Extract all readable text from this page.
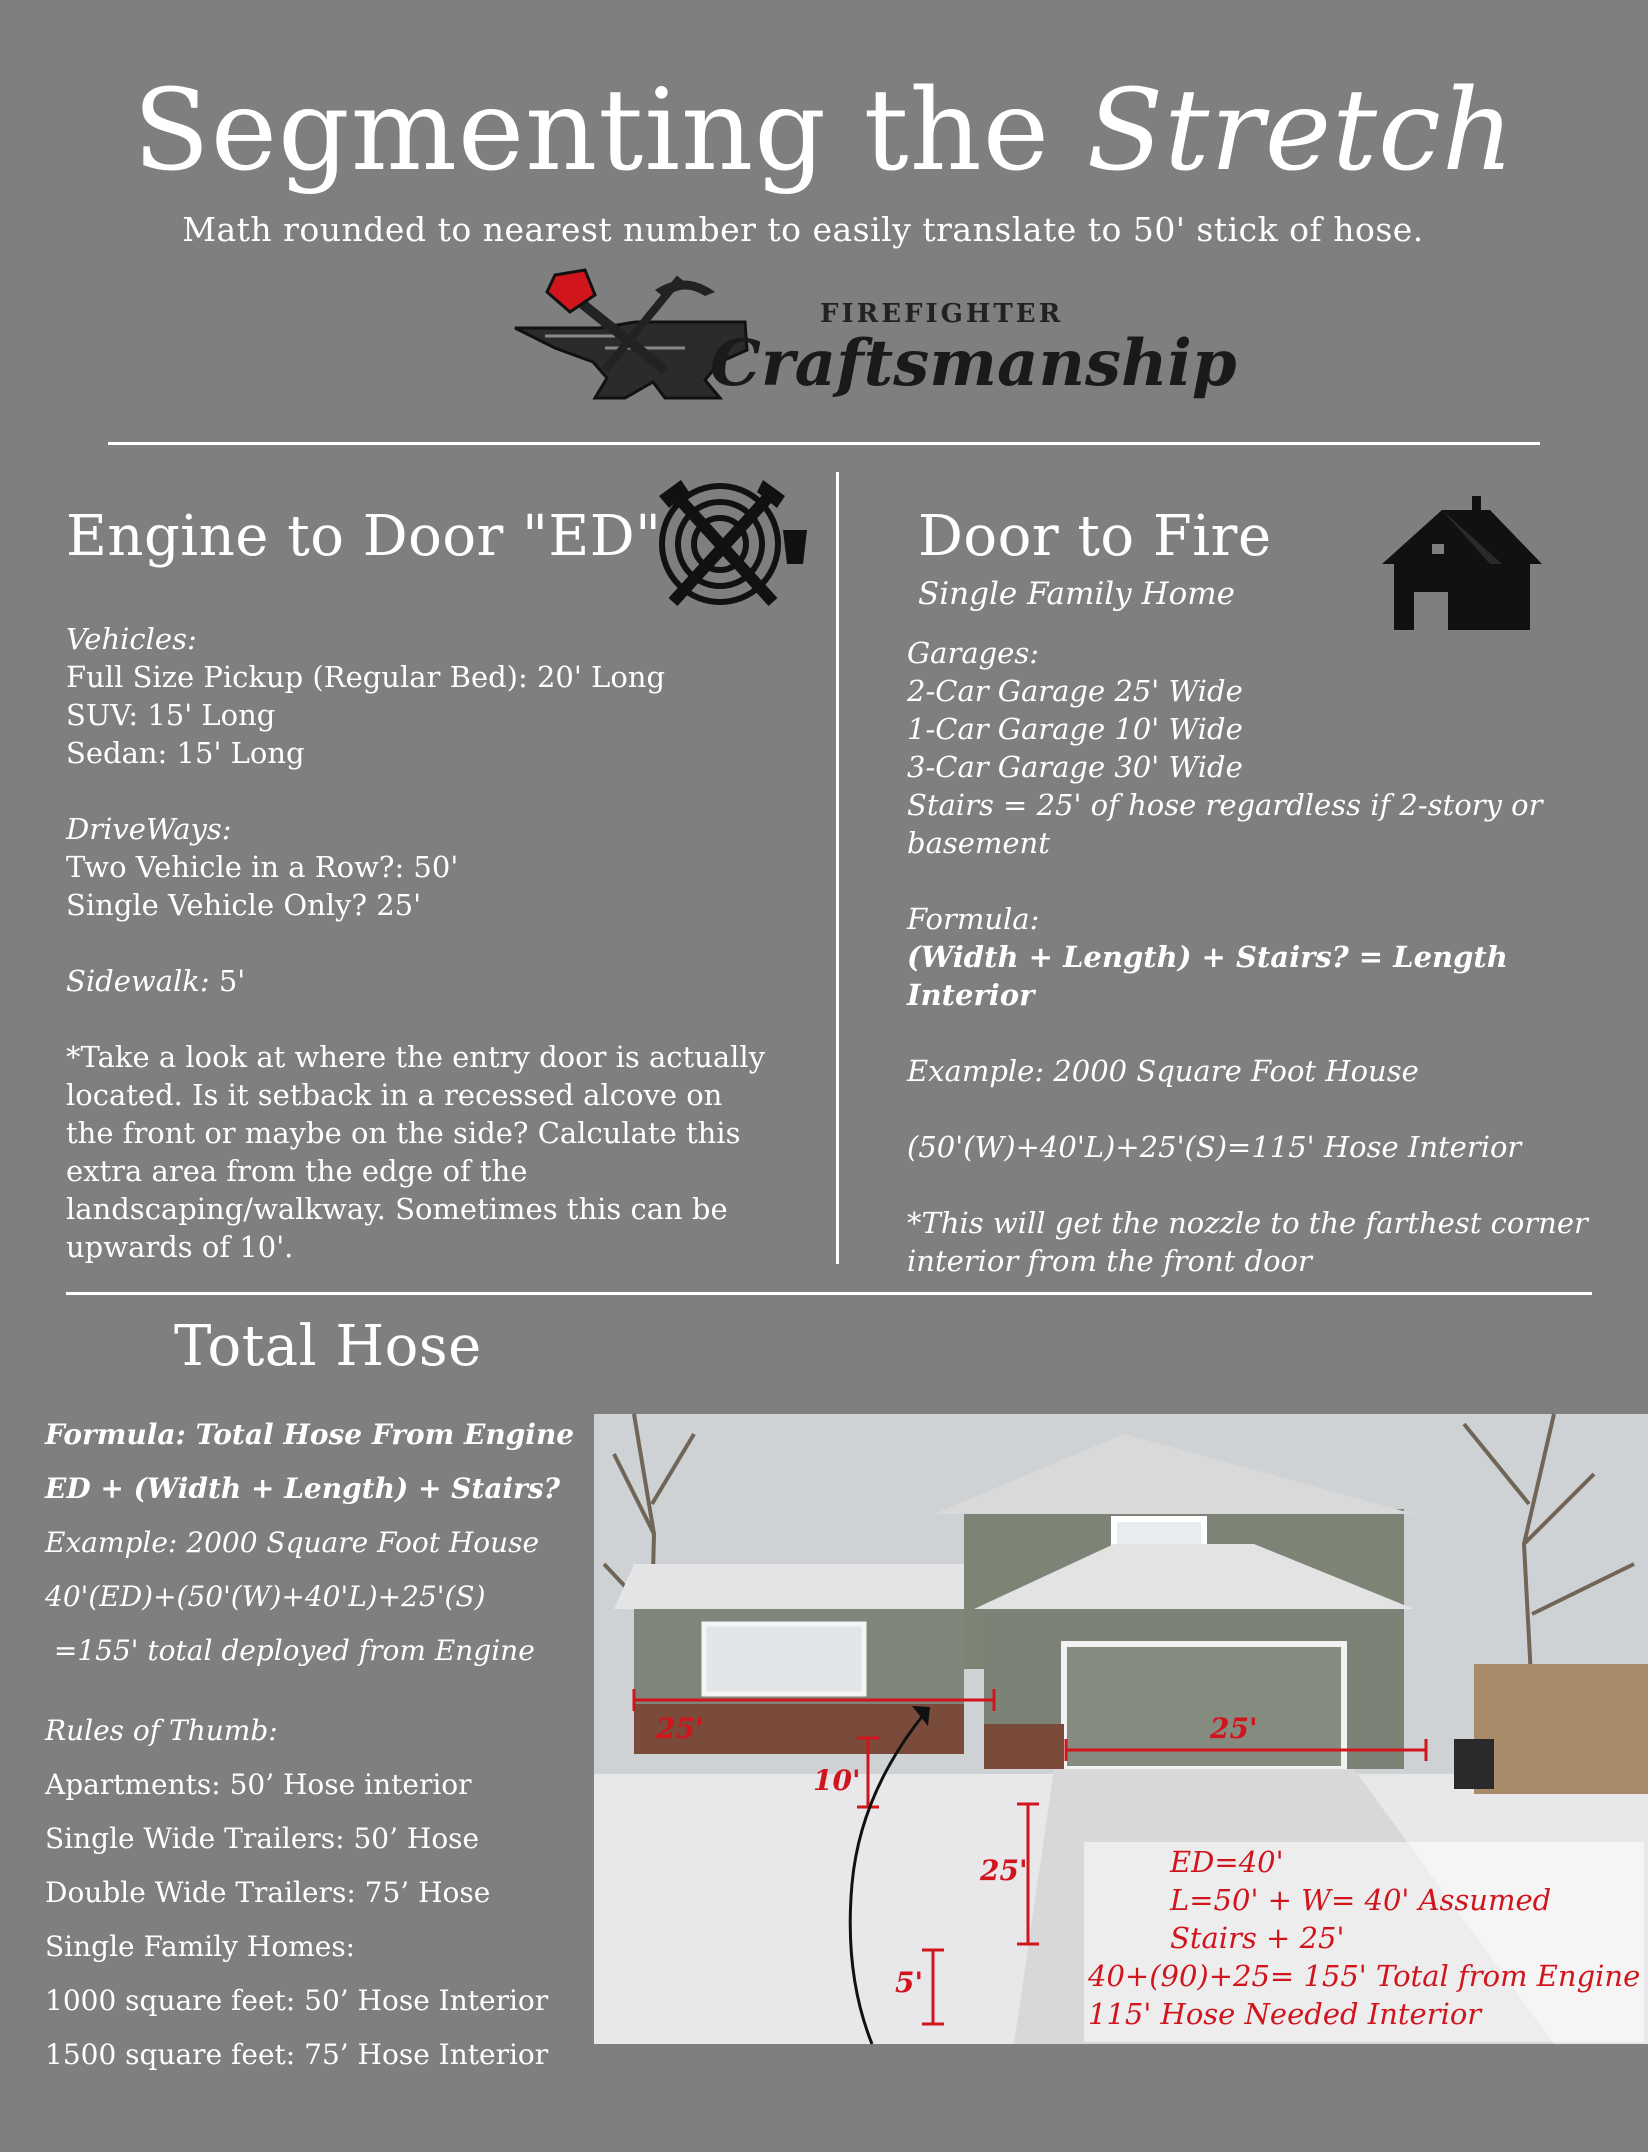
Segmenting the Stretch
Math rounded to nearest number to easily translate to 50' stick of hose.
FIREFIGHTER
Craftsmanship
Engine to Door "ED"

Vehicles:

Full Size Pickup (Regular Bed): 20' Long

SUV: 15' Long

Sedan: 15' Long

DriveWays:

Two Vehicle in a Row?: 50'

Single Vehicle Only? 25'

Sidewalk: 5'

*Take a look at where the entry door is actually

located. Is it setback in a recessed alcove on

the front or maybe on the side? Calculate this

extra area from the edge of the

landscaping/walkway. Sometimes this can be

upwards of 10'.

Door to Fire
Single Family Home

Garages:

2-Car Garage 25' Wide

1-Car Garage 10' Wide

3-Car Garage 30' Wide

Stairs = 25' of hose regardless if 2-story or

basement

Formula:

(Width + Length) + Stairs? = Length Interior

Example: 2000 Square Foot House

(50'(W)+40'L)+25'(S)=115' Hose Interior

*This will get the nozzle to the farthest corner

interior from the front door

Total Hose

Formula: Total Hose From Engine

ED + (Width + Length) + Stairs?

Example: 2000 Square Foot House

40'(ED)+(50'(W)+40'L)+25'(S)

=155' total deployed from Engine

Rules of Thumb:

Apartments: 50’ Hose interior

Single Wide Trailers: 50’ Hose

Double Wide Trailers: 75’ Hose

Single Family Homes:

1000 square feet: 50’ Hose Interior

1500 square feet: 75’ Hose Interior

25'	25'
10'
25'
5'
ED=40'
L=50' + W= 40' Assumed
Stairs + 25'
40+(90)+25= 155' Total from Engine
115' Hose Needed Interior
